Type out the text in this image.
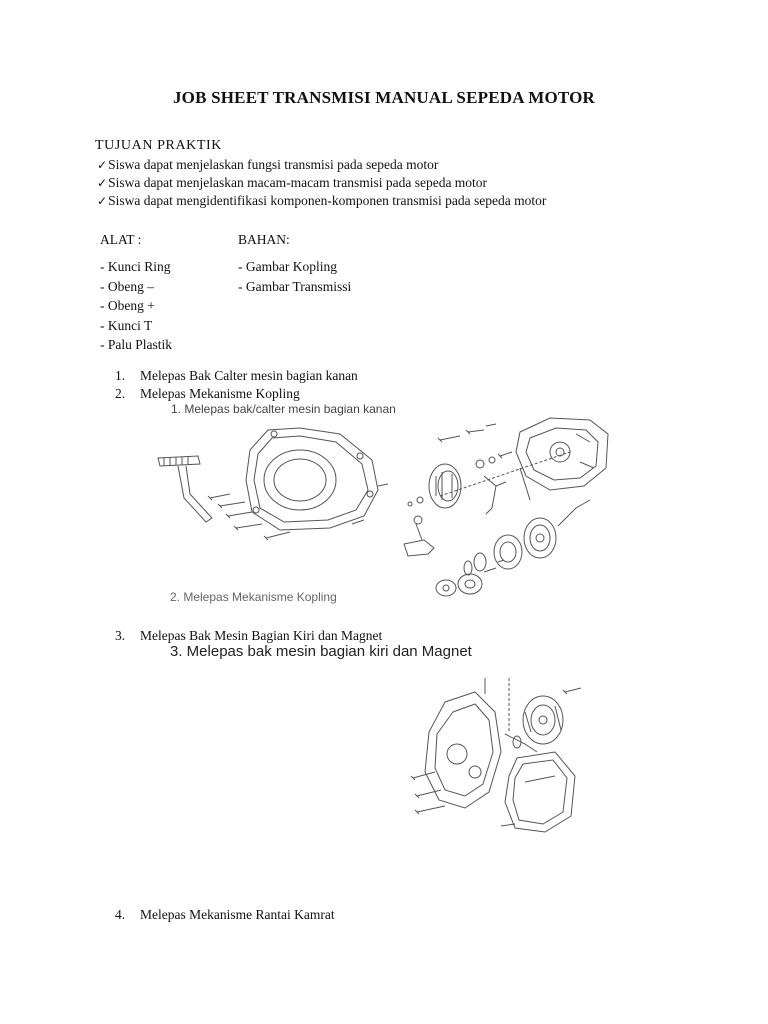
JOB SHEET TRANSMISI MANUAL SEPEDA MOTOR
TUJUAN PRAKTIK
✓Siswa dapat menjelaskan fungsi transmisi pada sepeda motor
✓Siswa dapat menjelaskan macam-macam transmisi pada sepeda motor
✓Siswa dapat mengidentifikasi komponen-komponen transmisi pada sepeda motor
ALAT :	BAHAN:
- Kunci Ring
- Obeng –
- Obeng +
- Kunci T
- Palu Plastik
- Gambar Kopling
- Gambar Transmissi
1. Melepas Bak Calter mesin bagian kanan
2. Melepas Mekanisme Kopling
1. Melepas bak/calter mesin bagian kanan
2. Melepas Mekanisme Kopling
3. Melepas Bak Mesin Bagian Kiri dan Magnet
3. Melepas bak mesin bagian kiri dan Magnet
4. Melepas Mekanisme Rantai Kamrat
